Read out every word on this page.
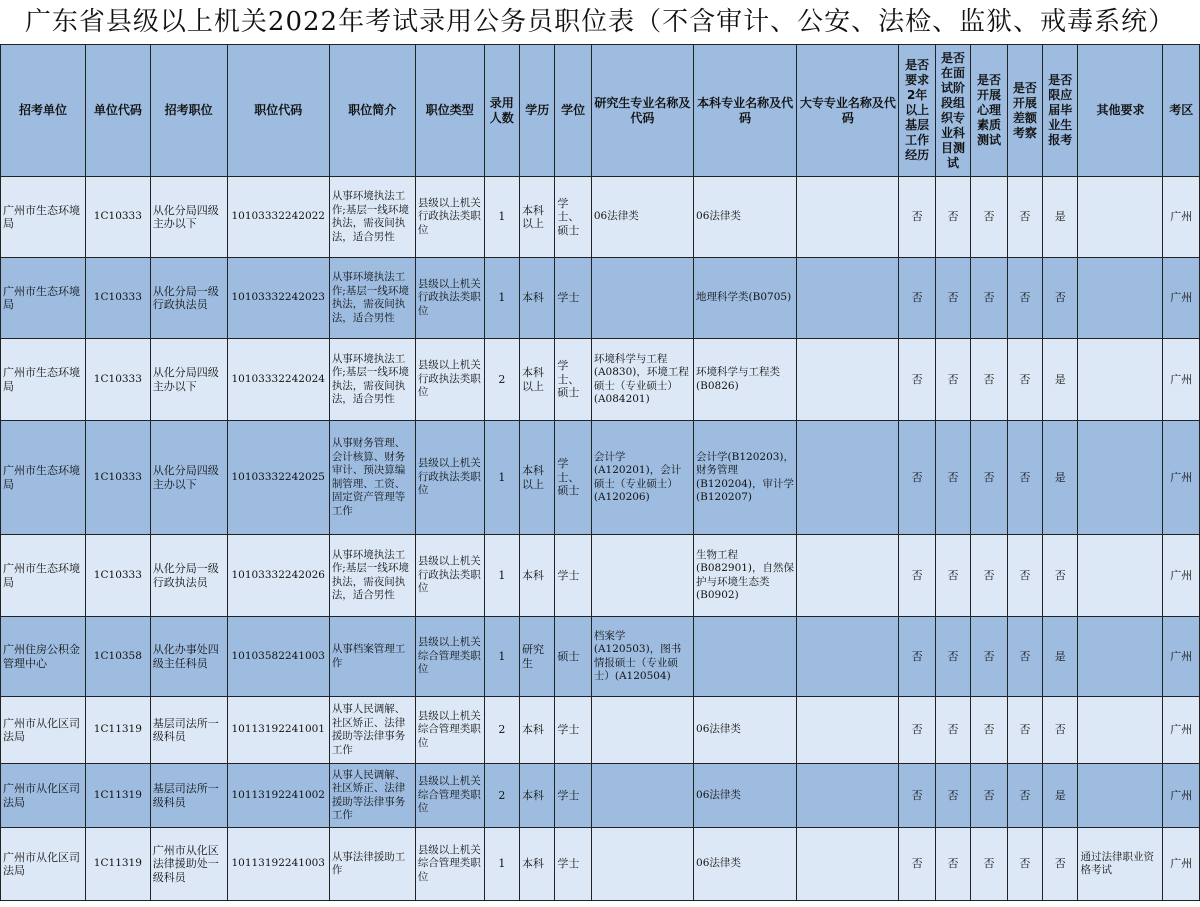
广东省县级以上机关2022年考试录用公务员职位表（不含审计、公安、法检、监狱、戒毒系统）
招考单位	单位代码	招考职位	职位代码	职位简介	职位类型	录用人数	学历	学位	研究生专业名称及代码	本科专业名称及代码	大专专业名称及代码	是否要求2年以上基层工作经历	是否在面试阶段组织专业科目测试	是否开展心理素质测试	是否开展差额考察	是否限应届毕业生报考	其他要求	考区
广州市生态环境局	1C10333	从化分局四级主办以下	10103332242022	从事环境执法工作;基层一线环境执法，需夜间执法，适合男性	县级以上机关行政执法类职位	1	本科以上	学士、硕士	06法律类	06法律类		否	否	否	否	是		广州
广州市生态环境局	1C10333	从化分局一级行政执法员	10103332242023	从事环境执法工作;基层一线环境执法，需夜间执法，适合男性	县级以上机关行政执法类职位	1	本科	学士		地理科学类(B0705)		否	否	否	否	否		广州
广州市生态环境局	1C10333	从化分局四级主办以下	10103332242024	从事环境执法工作;基层一线环境执法，需夜间执法，适合男性	县级以上机关行政执法类职位	2	本科以上	学士、硕士	环境科学与工程(A0830)，环境工程硕士（专业硕士）(A084201)	环境科学与工程类(B0826)		否	否	否	否	是		广州
广州市生态环境局	1C10333	从化分局四级主办以下	10103332242025	从事财务管理、会计核算、财务审计、预决算编制管理、工资、固定资产管理等工作	县级以上机关行政执法类职位	1	本科以上	学士、硕士	会计学(A120201)，会计硕士（专业硕士）(A120206)	会计学(B120203)，财务管理(B120204)，审计学(B120207)		否	否	否	否	是		广州
广州市生态环境局	1C10333	从化分局一级行政执法员	10103332242026	从事环境执法工作;基层一线环境执法，需夜间执法，适合男性	县级以上机关行政执法类职位	1	本科	学士		生物工程(B082901)，自然保护与环境生态类(B0902)		否	否	否	否	否		广州
广州住房公积金管理中心	1C10358	从化办事处四级主任科员	10103582241003	从事档案管理工作	县级以上机关综合管理类职位	1	研究生	硕士	档案学(A120503)，图书情报硕士（专业硕士）(A120504)			否	否	否	否	是		广州
广州市从化区司法局	1C11319	基层司法所一级科员	10113192241001	从事人民调解、社区矫正、法律援助等法律事务工作	县级以上机关综合管理类职位	2	本科	学士		06法律类		否	否	否	否	否		广州
广州市从化区司法局	1C11319	基层司法所一级科员	10113192241002	从事人民调解、社区矫正、法律援助等法律事务工作	县级以上机关综合管理类职位	2	本科	学士		06法律类		否	否	否	否	是		广州
广州市从化区司法局	1C11319	广州市从化区法律援助处一级科员	10113192241003	从事法律援助工作	县级以上机关综合管理类职位	1	本科	学士		06法律类		否	否	否	否	否	通过法律职业资格考试	广州
